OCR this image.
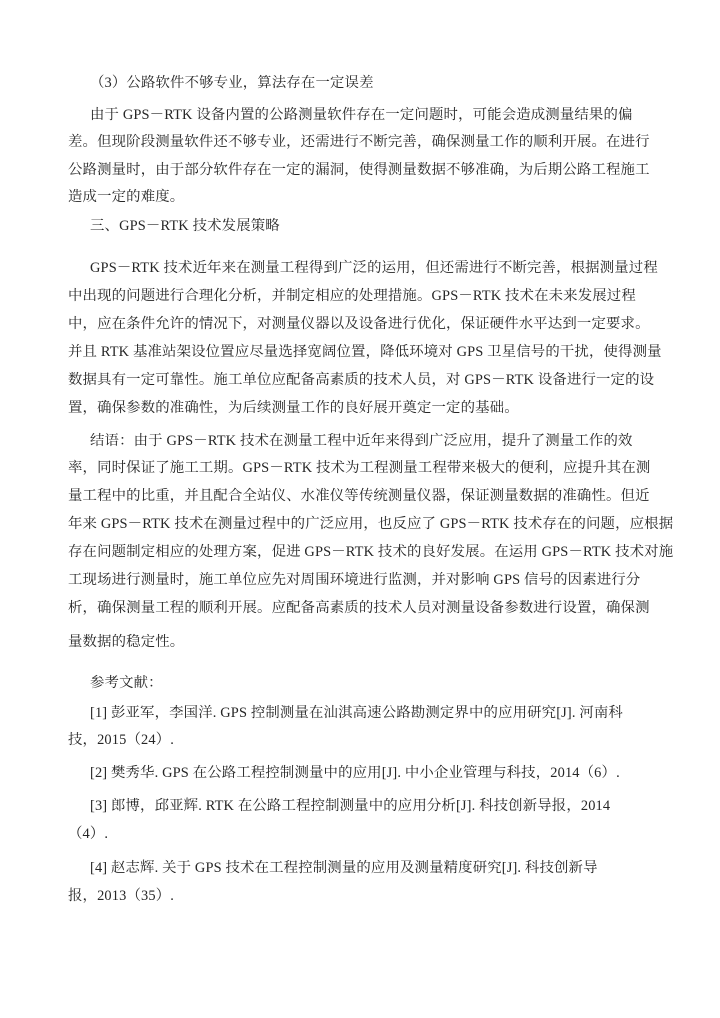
（3）公路软件不够专业，算法存在一定误差
由于 GPS－RTK 设备内置的公路测量软件存在一定问题时，可能会造成测量结果的偏
差。但现阶段测量软件还不够专业，还需进行不断完善，确保测量工作的顺利开展。在进行
公路测量时，由于部分软件存在一定的漏洞，使得测量数据不够准确，为后期公路工程施工
造成一定的难度。
三、GPS－RTK 技术发展策略
GPS－RTK 技术近年来在测量工程得到广泛的运用，但还需进行不断完善，根据测量过程
中出现的问题进行合理化分析，并制定相应的处理措施。GPS－RTK 技术在未来发展过程
中，应在条件允许的情况下，对测量仪器以及设备进行优化，保证硬件水平达到一定要求。
并且 RTK 基准站架设位置应尽量选择宽阔位置，降低环境对 GPS 卫星信号的干扰，使得测量
数据具有一定可靠性。施工单位应配备高素质的技术人员，对 GPS－RTK 设备进行一定的设
置，确保参数的准确性，为后续测量工作的良好展开奠定一定的基础。
结语：由于 GPS－RTK 技术在测量工程中近年来得到广泛应用，提升了测量工作的效
率，同时保证了施工工期。GPS－RTK 技术为工程测量工程带来极大的便利，应提升其在测
量工程中的比重，并且配合全站仪、水准仪等传统测量仪器，保证测量数据的准确性。但近
年来 GPS－RTK 技术在测量过程中的广泛应用，也反应了 GPS－RTK 技术存在的问题，应根据
存在问题制定相应的处理方案，促进 GPS－RTK 技术的良好发展。在运用 GPS－RTK 技术对施
工现场进行测量时，施工单位应先对周围环境进行监测，并对影响 GPS 信号的因素进行分
析，确保测量工程的顺利开展。应配备高素质的技术人员对测量设备参数进行设置，确保测
量数据的稳定性。
参考文献：
[1] 彭亚军，李国洋. GPS 控制测量在汕淇高速公路勘测定界中的应用研究[J]. 河南科
技，2015（24）.
[2] 樊秀华. GPS 在公路工程控制测量中的应用[J]. 中小企业管理与科技，2014（6）.
[3] 郎博，邱亚辉. RTK 在公路工程控制测量中的应用分析[J]. 科技创新导报，2014
（4）.
[4] 赵志辉. 关于 GPS 技术在工程控制测量的应用及测量精度研究[J]. 科技创新导
报，2013（35）.
